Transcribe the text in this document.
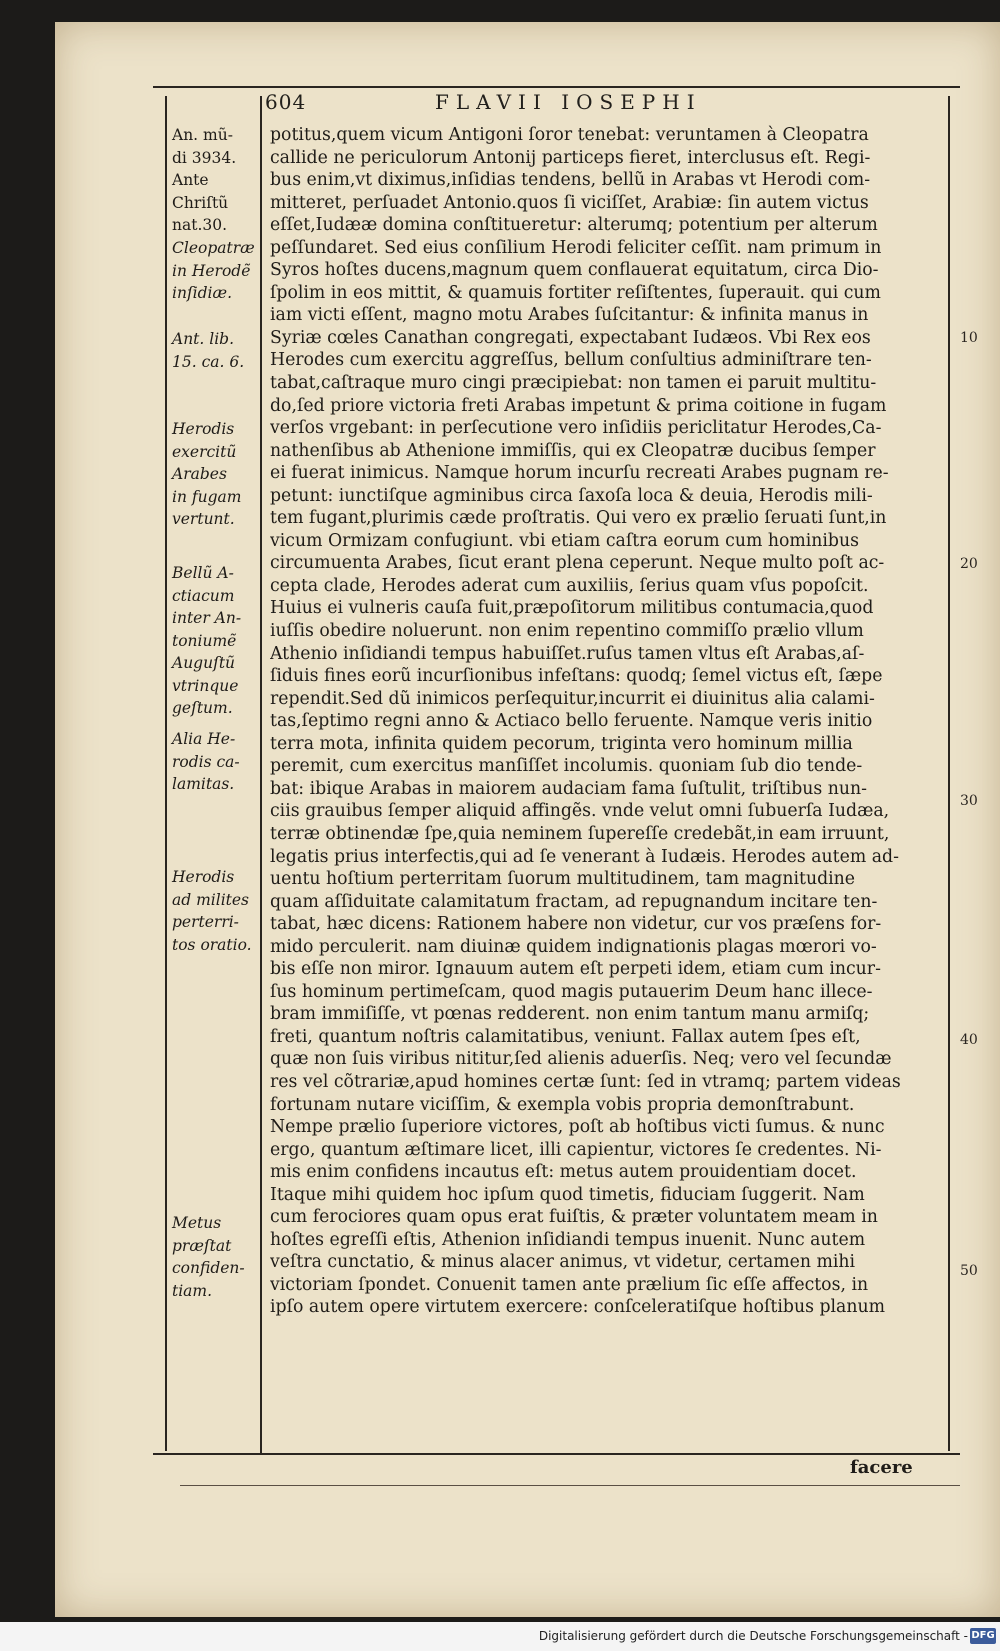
604	FLAVII IOSEPHI
An. mũ-
di 3934.
Ante
Chriſtũ
nat.30.
Cleopatræ
in Herodẽ
inſidiæ.
Ant. lib.
15. ca. 6.
Herodis
exercitũ
Arabes
in fugam
vertunt.
Bellũ A-
ctiacum
inter An-
toniumẽ
Auguſtũ
vtrinque
geſtum.
Alia He-
rodis ca-
lamitas.
Herodis
ad milites
perterri-
tos oratio.
Metus
præſtat
confiden-
tiam.
potitus,quem vicum Antigoni ſoror tenebat: veruntamen à Cleopatra
callide ne periculorum Antonij particeps fieret, interclusus eſt. Regi-
bus enim,vt diximus,inſidias tendens, bellũ in Arabas vt Herodi com-
mitteret, perſuadet Antonio.quos ſi viciſſet, Arabiæ: ſin autem victus
eſſet,Iudææ domina conſtitueretur: alterumq; potentium per alterum
peſſundaret. Sed eius conſilium Herodi feliciter ceſſit. nam primum in
Syros hoſtes ducens,magnum quem conflauerat equitatum, circa Dio-
ſpolim in eos mittit, & quamuis fortiter reſiſtentes, ſuperauit. qui cum
iam victi eſſent, magno motu Arabes ſuſcitantur: & infinita manus in
Syriæ cœles Canathan congregati, expectabant Iudæos. Vbi Rex eos
Herodes cum exercitu aggreſſus, bellum conſultius adminiſtrare ten-
tabat,caſtraque muro cingi præcipiebat: non tamen ei paruit multitu-
do,ſed priore victoria freti Arabas impetunt & prima coitione in fugam
verſos vrgebant: in perſecutione vero inſidiis periclitatur Herodes,Ca-
nathenſibus ab Athenione immiſſis, qui ex Cleopatræ ducibus ſemper
ei fuerat inimicus. Namque horum incurſu recreati Arabes pugnam re-
petunt: iunctiſque agminibus circa ſaxoſa loca & deuia, Herodis mili-
tem fugant,plurimis cæde proſtratis. Qui vero ex prælio ſeruati ſunt,in
vicum Ormizam confugiunt. vbi etiam caſtra eorum cum hominibus
circumuenta Arabes, ſicut erant plena ceperunt. Neque multo poſt ac-
cepta clade, Herodes aderat cum auxiliis, ſerius quam vſus popoſcit.
Huius ei vulneris cauſa fuit,præpoſitorum militibus contumacia,quod
iuſſis obedire noluerunt. non enim repentino commiſſo prælio vllum
Athenio inſidiandi tempus habuiſſet.ruſus tamen vltus eſt Arabas,aſ-
ſiduis fines eorũ incurſionibus infeſtans: quodq; ſemel victus eſt, ſæpe
rependit.Sed dũ inimicos perſequitur,incurrit ei diuinitus alia calami-
tas,ſeptimo regni anno & Actiaco bello feruente. Namque veris initio
terra mota, infinita quidem pecorum, triginta vero hominum millia
peremit, cum exercitus manſiſſet incolumis. quoniam ſub dio tende-
bat: ibique Arabas in maiorem audaciam fama ſuſtulit, triſtibus nun-
ciis grauibus ſemper aliquid affingẽs. vnde velut omni ſubuerſa Iudæa,
terræ obtinendæ ſpe,quia neminem ſupereſſe credebãt,in eam irruunt,
legatis prius interfectis,qui ad ſe venerant à Iudæis. Herodes autem ad-
uentu hoſtium perterritam ſuorum multitudinem, tam magnitudine
quam aſſiduitate calamitatum fractam, ad repugnandum incitare ten-
tabat, hæc dicens: Rationem habere non videtur, cur vos præſens for-
mido perculerit. nam diuinæ quidem indignationis plagas mœrori vo-
bis eſſe non miror. Ignauum autem eſt perpeti idem, etiam cum incur-
ſus hominum pertimeſcam, quod magis putauerim Deum hanc illece-
bram immiſiſſe, vt pœnas redderent. non enim tantum manu armiſq;
freti, quantum noſtris calamitatibus, veniunt. Fallax autem ſpes eſt,
quæ non ſuis viribus nititur,ſed alienis aduerſis. Neq; vero vel ſecundæ
res vel cõtrariæ,apud homines certæ ſunt: ſed in vtramq; partem videas
fortunam nutare viciſſim, & exempla vobis propria demonſtrabunt.
Nempe prælio ſuperiore victores, poſt ab hoſtibus victi ſumus. & nunc
ergo, quantum æſtimare licet, illi capientur, victores ſe credentes. Ni-
mis enim confidens incautus eſt: metus autem prouidentiam docet.
Itaque mihi quidem hoc ipſum quod timetis, fiduciam ſuggerit. Nam
cum ferociores quam opus erat fuiſtis, & præter voluntatem meam in
hoſtes egreſſi eſtis, Athenion inſidiandi tempus inuenit. Nunc autem
veſtra cunctatio, & minus alacer animus, vt videtur, certamen mihi
victoriam ſpondet. Conuenit tamen ante prælium ſic eſſe affectos, in
ipſo autem opere virtutem exercere: conſceleratiſque hoſtibus planum
10
20
30
40
50
facere
Digitalisierung gefördert durch die Deutsche Forschungsgemeinschaft - DFG
